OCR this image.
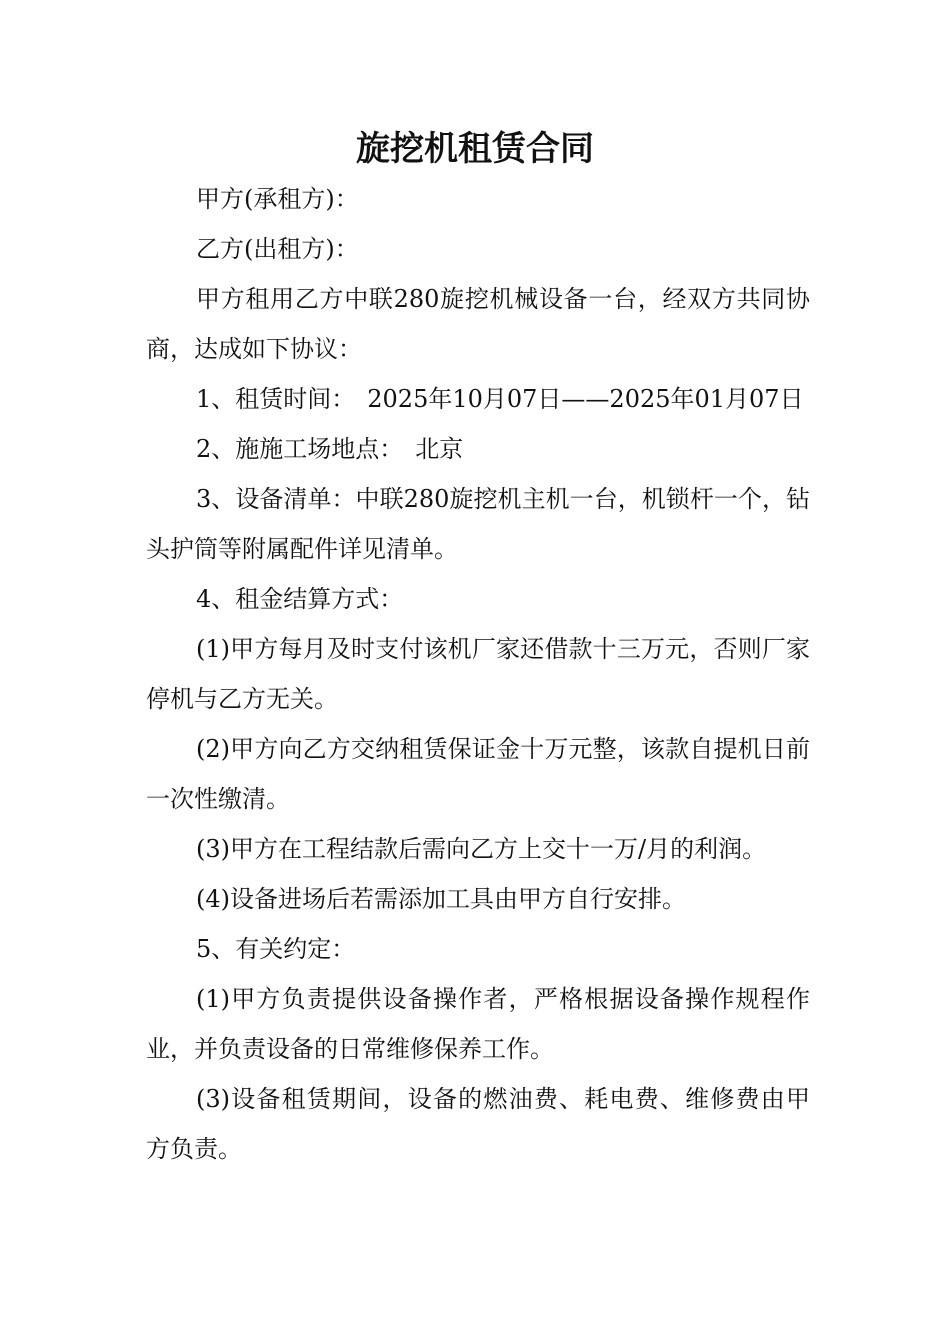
旋挖机租赁合同

甲方(承租方)：

乙方(出租方)：

甲方租用乙方中联280旋挖机械设备一台，经双方共同协商，达成如下协议：

1、租赁时间：　2025年10月07日——2025年01月07日

2、施施工场地点：　北京

3、设备清单：中联280旋挖机主机一台，机锁杆一个，钻头护筒等附属配件详见清单。

4、租金结算方式：

(1)甲方每月及时支付该机厂家还借款十三万元，否则厂家停机与乙方无关。

(2)甲方向乙方交纳租赁保证金十万元整，该款自提机日前一次性缴清。

(3)甲方在工程结款后需向乙方上交十一万/月的利润。

(4)设备进场后若需添加工具由甲方自行安排。

5、有关约定：

(1)甲方负责提供设备操作者，严格根据设备操作规程作业，并负责设备的日常维修保养工作。

(3)设备租赁期间，设备的燃油费、耗电费、维修费由甲　方负责。
